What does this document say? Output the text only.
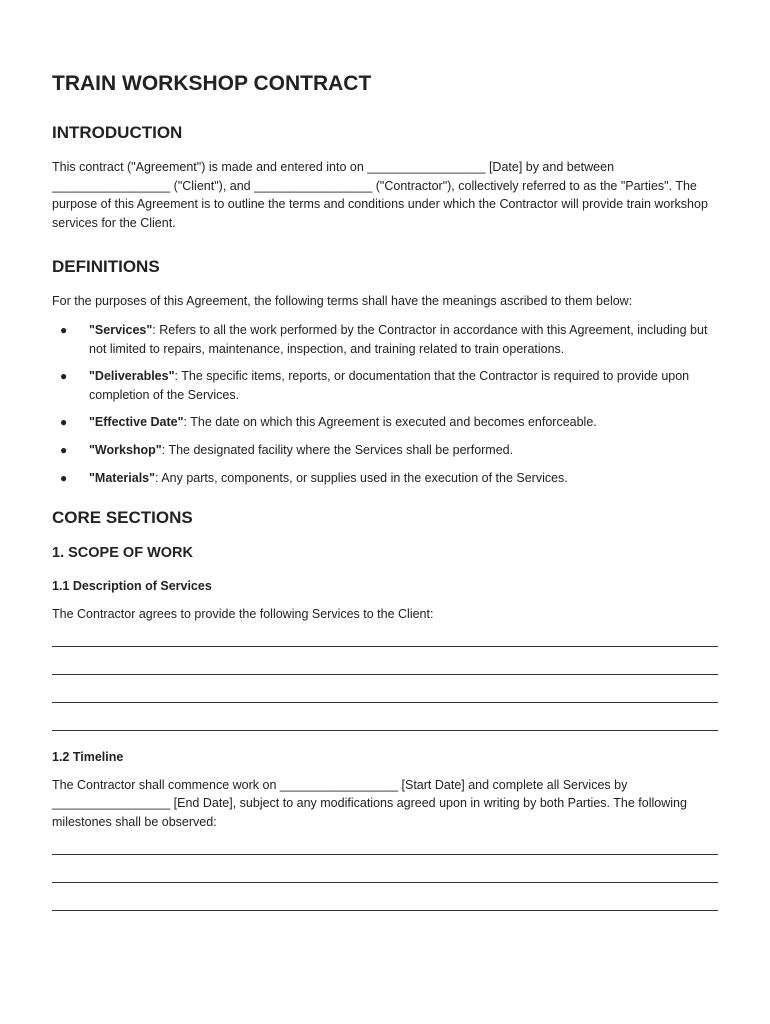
TRAIN WORKSHOP CONTRACT
INTRODUCTION
This contract ("Agreement") is made and entered into on _________________ [Date] by and between _________________ ("Client"), and _________________ ("Contractor"), collectively referred to as the "Parties". The purpose of this Agreement is to outline the terms and conditions under which the Contractor will provide train workshop services for the Client.
DEFINITIONS
For the purposes of this Agreement, the following terms shall have the meanings ascribed to them below:
● "Services": Refers to all the work performed by the Contractor in accordance with this Agreement, including but not limited to repairs, maintenance, inspection, and training related to train operations.
● "Deliverables": The specific items, reports, or documentation that the Contractor is required to provide upon completion of the Services.
● "Effective Date": The date on which this Agreement is executed and becomes enforceable.
● "Workshop": The designated facility where the Services shall be performed.
● "Materials": Any parts, components, or supplies used in the execution of the Services.
CORE SECTIONS
1. SCOPE OF WORK
1.1 Description of Services
The Contractor agrees to provide the following Services to the Client:
1.2 Timeline
The Contractor shall commence work on _________________ [Start Date] and complete all Services by _________________ [End Date], subject to any modifications agreed upon in writing by both Parties. The following milestones shall be observed:
